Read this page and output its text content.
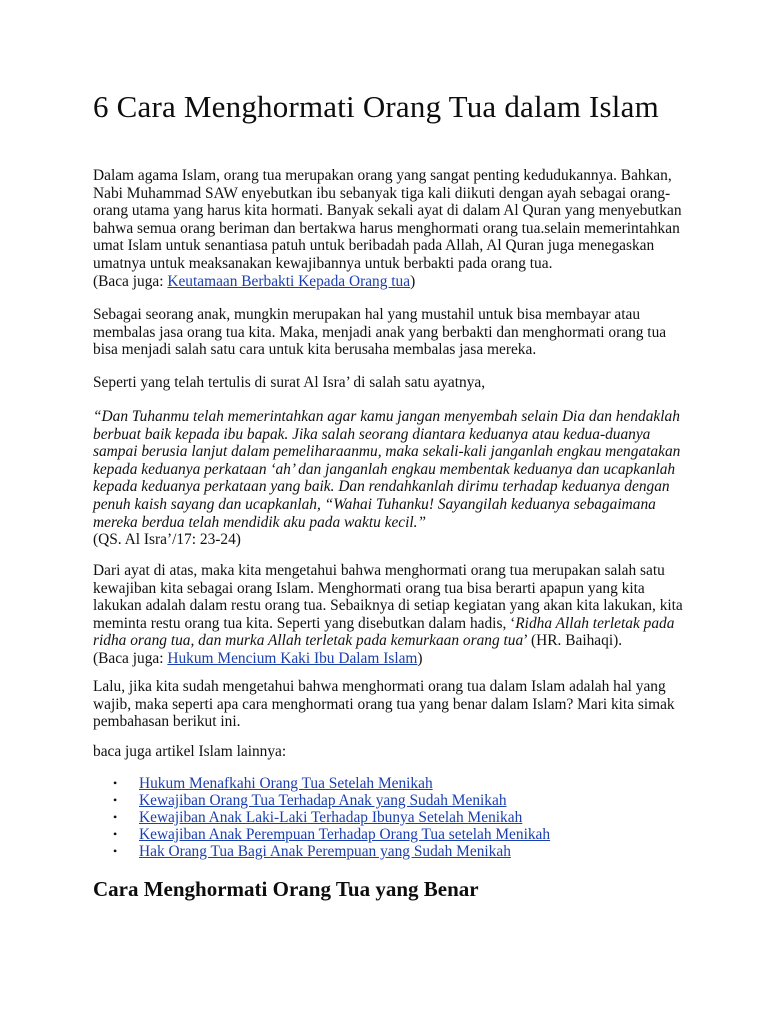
6 Cara Menghormati Orang Tua dalam Islam

Dalam agama Islam, orang tua merupakan orang yang sangat penting kedudukannya. Bahkan, Nabi Muhammad SAW enyebutkan ibu sebanyak tiga kali diikuti dengan ayah sebagai orang-orang utama yang harus kita hormati. Banyak sekali ayat di dalam Al Quran yang menyebutkan bahwa semua orang beriman dan bertakwa harus menghormati orang tua.selain memerintahkan umat Islam untuk senantiasa patuh untuk beribadah pada Allah, Al Quran juga menegaskan umatnya untuk meaksanakan kewajibannya untuk berbakti pada orang tua.
(Baca juga: Keutamaan Berbakti Kepada Orang tua)

Sebagai seorang anak, mungkin merupakan hal yang mustahil untuk bisa membayar atau membalas jasa orang tua kita. Maka, menjadi anak yang berbakti dan menghormati orang tua bisa menjadi salah satu cara untuk kita berusaha membalas jasa mereka.

Seperti yang telah tertulis di surat Al Isra’ di salah satu ayatnya,

“Dan Tuhanmu telah memerintahkan agar kamu jangan menyembah selain Dia dan hendaklah berbuat baik kepada ibu bapak. Jika salah seorang diantara keduanya atau kedua-duanya sampai berusia lanjut dalam pemeliharaanmu, maka sekali-kali janganlah engkau mengatakan kepada keduanya perkataan ‘ah’ dan janganlah engkau membentak keduanya dan ucapkanlah kepada keduanya perkataan yang baik. Dan rendahkanlah dirimu terhadap keduanya dengan penuh kaish sayang dan ucapkanlah, “Wahai Tuhanku! Sayangilah keduanya sebagaimana mereka berdua telah mendidik aku pada waktu kecil.”
(QS. Al Isra’/17: 23-24)

Dari ayat di atas, maka kita mengetahui bahwa menghormati orang tua merupakan salah satu kewajiban kita sebagai orang Islam. Menghormati orang tua bisa berarti apapun yang kita lakukan adalah dalam restu orang tua. Sebaiknya di setiap kegiatan yang akan kita lakukan, kita meminta restu orang tua kita. Seperti yang disebutkan dalam hadis, ‘Ridha Allah terletak pada ridha orang tua, dan murka Allah terletak pada kemurkaan orang tua’ (HR. Baihaqi).
(Baca juga: Hukum Mencium Kaki Ibu Dalam Islam)

Lalu, jika kita sudah mengetahui bahwa menghormati orang tua dalam Islam adalah hal yang wajib, maka seperti apa cara menghormati orang tua yang benar dalam Islam? Mari kita simak pembahasan berikut ini.

baca juga artikel Islam lainnya:

• Hukum Menafkahi Orang Tua Setelah Menikah
• Kewajiban Orang Tua Terhadap Anak yang Sudah Menikah
• Kewajiban Anak Laki-Laki Terhadap Ibunya Setelah Menikah
• Kewajiban Anak Perempuan Terhadap Orang Tua setelah Menikah
• Hak Orang Tua Bagi Anak Perempuan yang Sudah Menikah
Cara Menghormati Orang Tua yang Benar
